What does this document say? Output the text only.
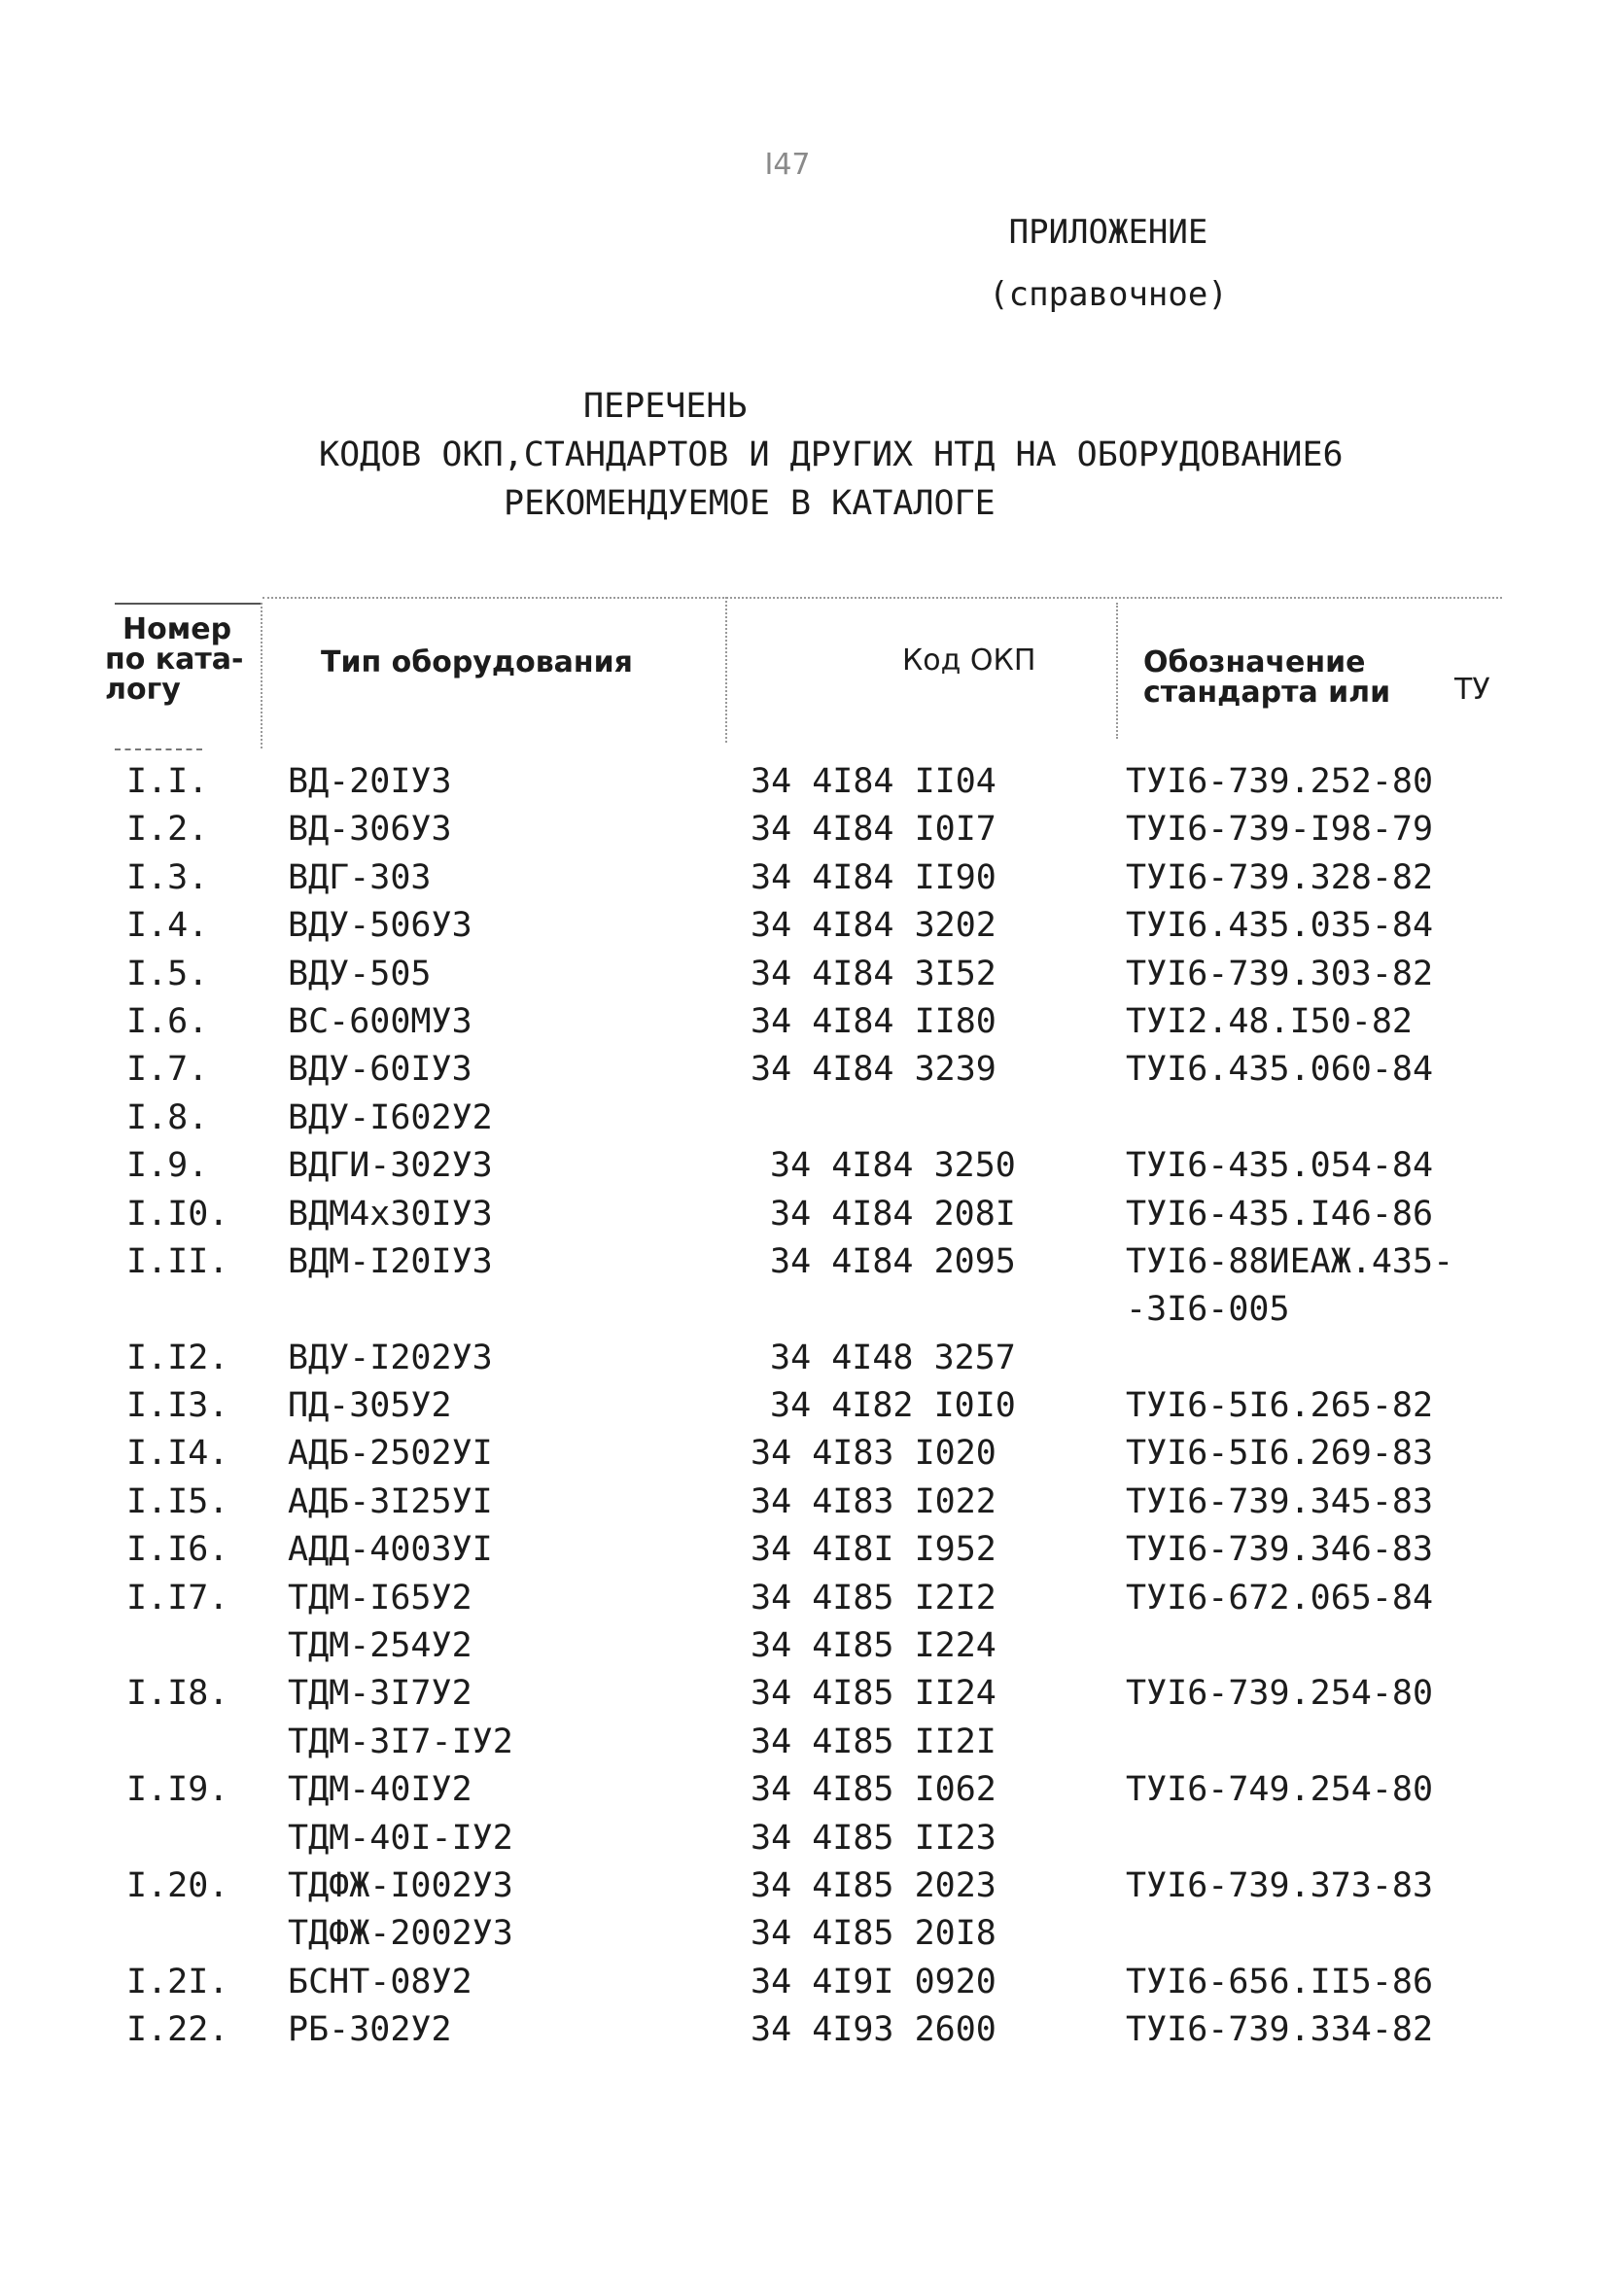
I47
ПРИЛОЖЕНИЕ
(справочное)
ПЕРЕЧЕНЬ
КОДОВ ОКП,СТАНДАРТОВ И ДРУГИХ НТД НА ОБОРУДОВАНИЕ6
РЕКОМЕНДУЕМОЕ В КАТАЛОГЕ
Номер
по ката-
логу
Тип оборудования	Код ОКП	Обозначение
стандарта или ТУ
I.I. ВД-20IУ3	34 4I84 II04	ТУI6-739.252-80
I.2. ВД-306У3	34 4I84 I0I7	ТУI6-739-I98-79
I.3. ВДГ-303	34 4I84 II90	ТУI6-739.328-82
I.4. ВДУ-506У3	34 4I84 3202	ТУI6.435.035-84
I.5. ВДУ-505	34 4I84 3I52	ТУI6-739.303-82
I.6. ВС-600МУ3	34 4I84 II80	ТУI2.48.I50-82
I.7. ВДУ-60IУ3	34 4I84 3239	ТУI6.435.060-84
I.8. ВДУ-I602У2
I.9. ВДГИ-302У3	34 4I84 3250	ТУI6-435.054-84
I.I0. ВДМ4х30IУ3	34 4I84 208I	ТУI6-435.I46-86
I.II. ВДМ-I20IУ3	34 4I84 2095	ТУI6-88ИЕАЖ.435-
-3I6-005
I.I2. ВДУ-I202У3	34 4I48 3257
I.I3. ПД-305У2	34 4I82 I0I0	ТУI6-5I6.265-82
I.I4. АДБ-2502УI	34 4I83 I020	ТУI6-5I6.269-83
I.I5. АДБ-3I25УI	34 4I83 I022	ТУI6-739.345-83
I.I6. АДД-4003УI	34 4I8I I952	ТУI6-739.346-83
I.I7. ТДМ-I65У2	34 4I85 I2I2	ТУI6-672.065-84
ТДМ-254У2	34 4I85 I224
I.I8. ТДМ-3I7У2	34 4I85 II24	ТУI6-739.254-80
ТДМ-3I7-IУ2	34 4I85 II2I
I.I9. ТДМ-40IУ2	34 4I85 I062	ТУI6-749.254-80
ТДМ-40I-IУ2	34 4I85 II23
I.20. ТДФЖ-I002У3	34 4I85 2023	ТУI6-739.373-83
ТДФЖ-2002У3	34 4I85 20I8
I.2I. БСНТ-08У2	34 4I9I 0920	ТУI6-656.II5-86
I.22. РБ-302У2	34 4I93 2600	ТУI6-739.334-82
